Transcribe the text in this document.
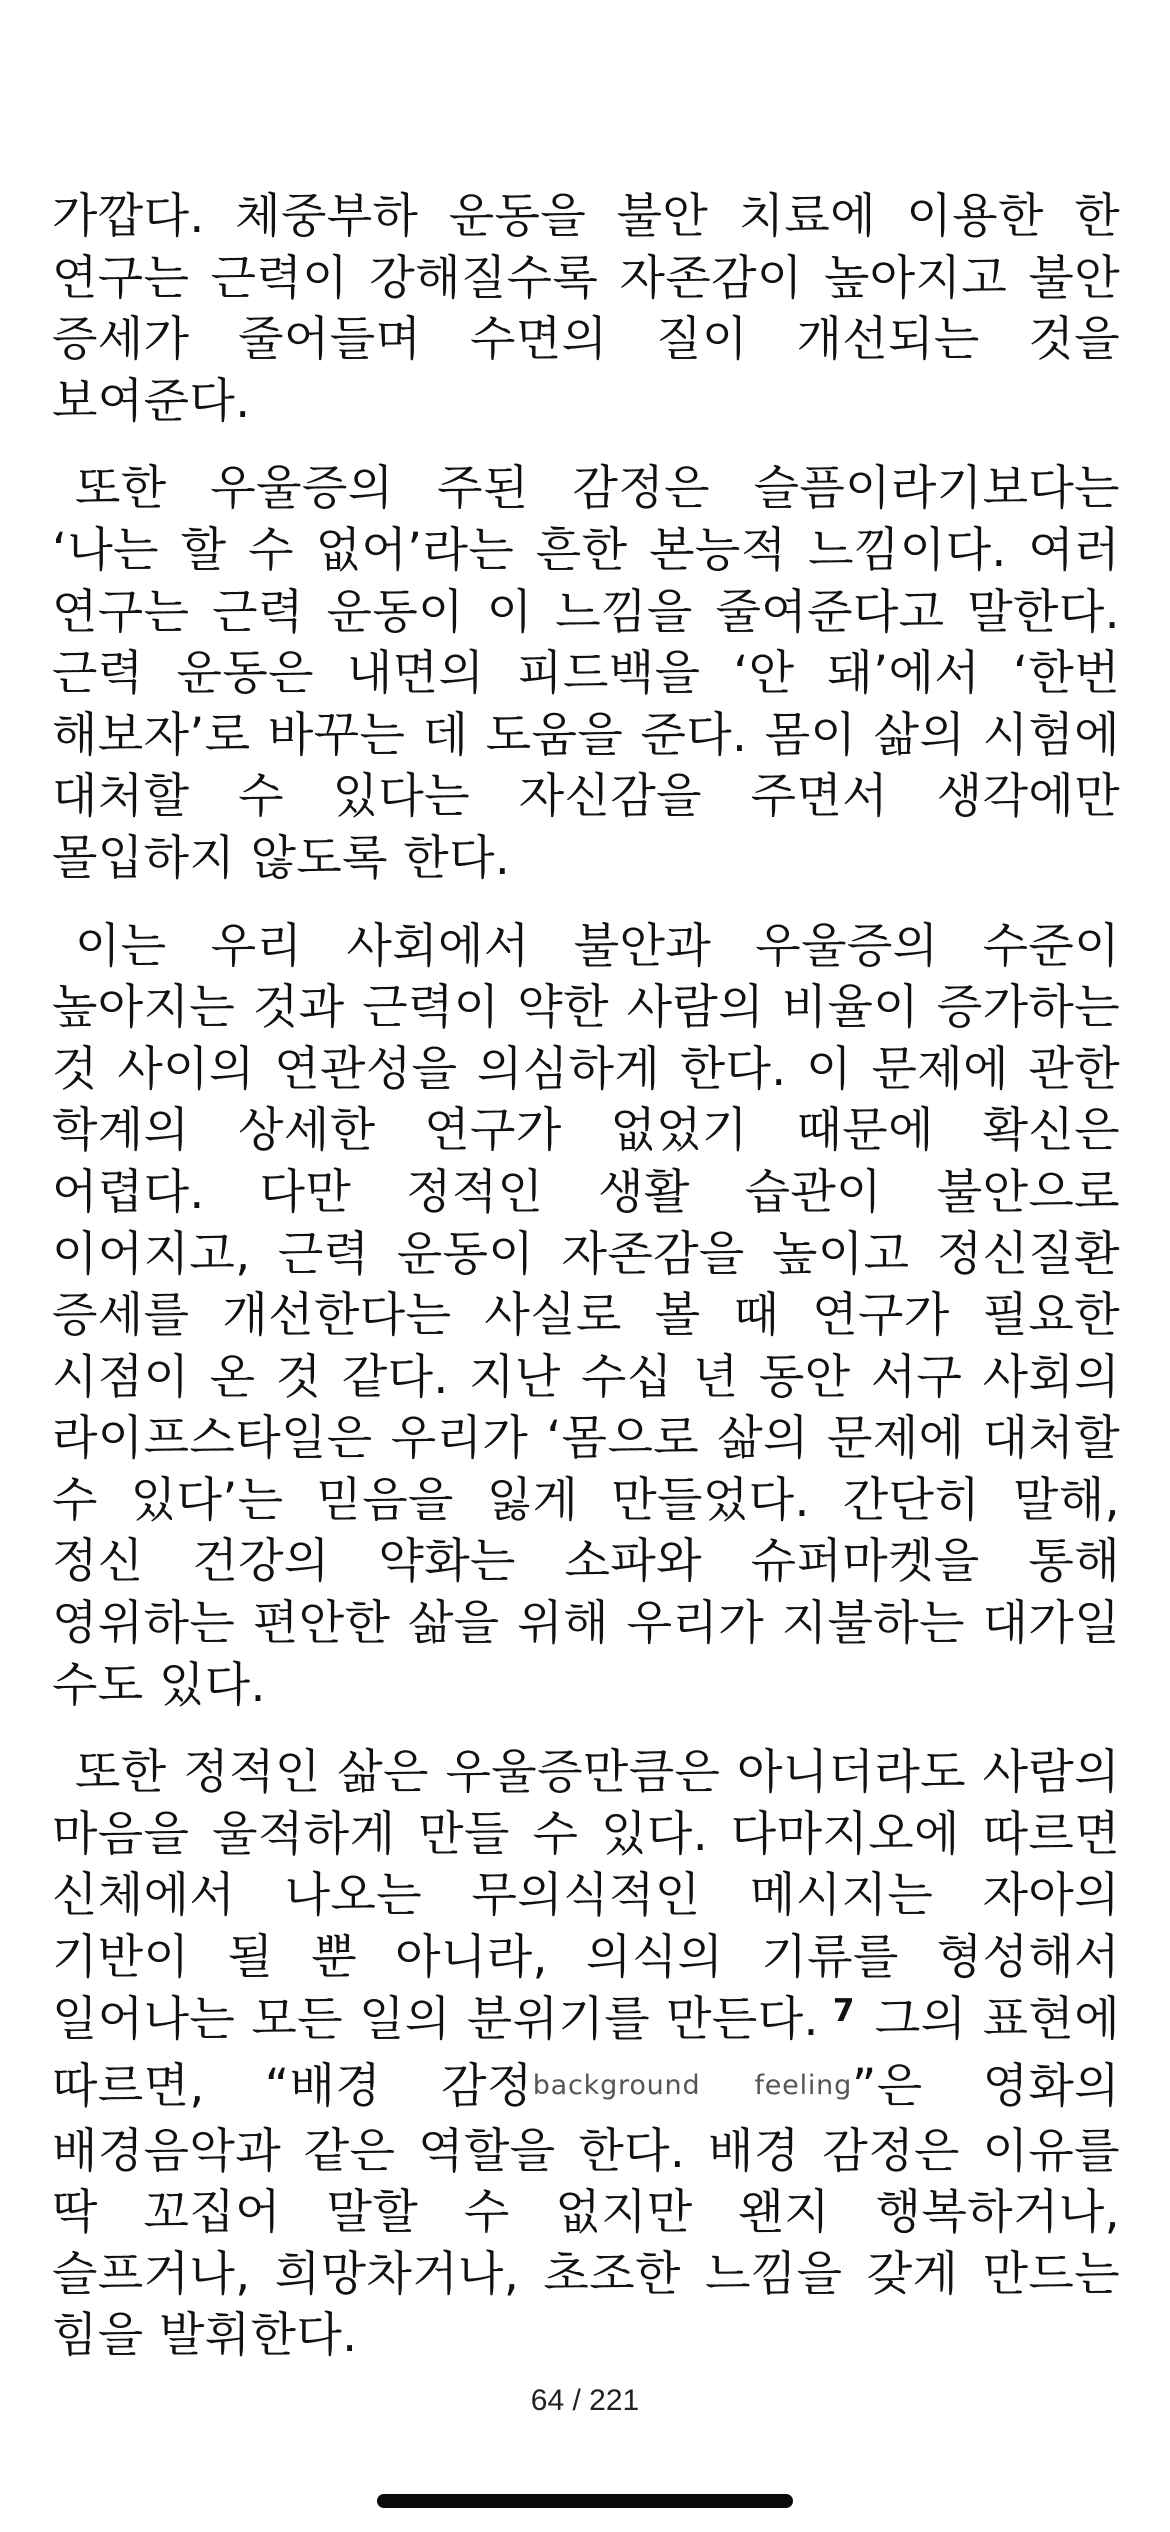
가깝다. 체중부하 운동을 불안 치료에 이용한 한 연구는 근력이 강해질수록 자존감이 높아지고 불안 증세가 줄어들며 수면의 질이 개선되는 것을 보여준다.

또한 우울증의 주된 감정은 슬픔이라기보다는 ‘나는 할 수 없어’라는 흔한 본능적 느낌이다. 여러 연구는 근력 운동이 이 느낌을 줄여준다고 말한다. 근력 운동은 내면의 피드백을 ‘안 돼’에서 ‘한번 해보자’로 바꾸는 데 도움을 준다. 몸이 삶의 시험에 대처할 수 있다는 자신감을 주면서 생각에만 몰입하지 않도록 한다.

이는 우리 사회에서 불안과 우울증의 수준이 높아지는 것과 근력이 약한 사람의 비율이 증가하는 것 사이의 연관성을 의심하게 한다. 이 문제에 관한 학계의 상세한 연구가 없었기 때문에 확신은 어렵다. 다만 정적인 생활 습관이 불안으로 이어지고, 근력 운동이 자존감을 높이고 정신질환 증세를 개선한다는 사실로 볼 때 연구가 필요한 시점이 온 것 같다. 지난 수십 년 동안 서구 사회의 라이프스타일은 우리가 ‘몸으로 삶의 문제에 대처할 수 있다’는 믿음을 잃게 만들었다. 간단히 말해, 정신 건강의 약화는 소파와 슈퍼마켓을 통해 영위하는 편안한 삶을 위해 우리가 지불하는 대가일 수도 있다.

또한 정적인 삶은 우울증만큼은 아니더라도 사람의 마음을 울적하게 만들 수 있다. 다마지오에 따르면 신체에서 나오는 무의식적인 메시지는 자아의 기반이 될 뿐 아니라, 의식의 기류를 형성해서 일어나는 모든 일의 분위기를 만든다. $^7$ 그의 표현에 따르면, “배경 감정background feeling”은 영화의 배경음악과 같은 역할을 한다. 배경 감정은 이유를 딱 꼬집어 말할 수 없지만 왠지 행복하거나, 슬프거나, 희망차거나, 초조한 느낌을 갖게 만드는 힘을 발휘한다.

64 / 221
